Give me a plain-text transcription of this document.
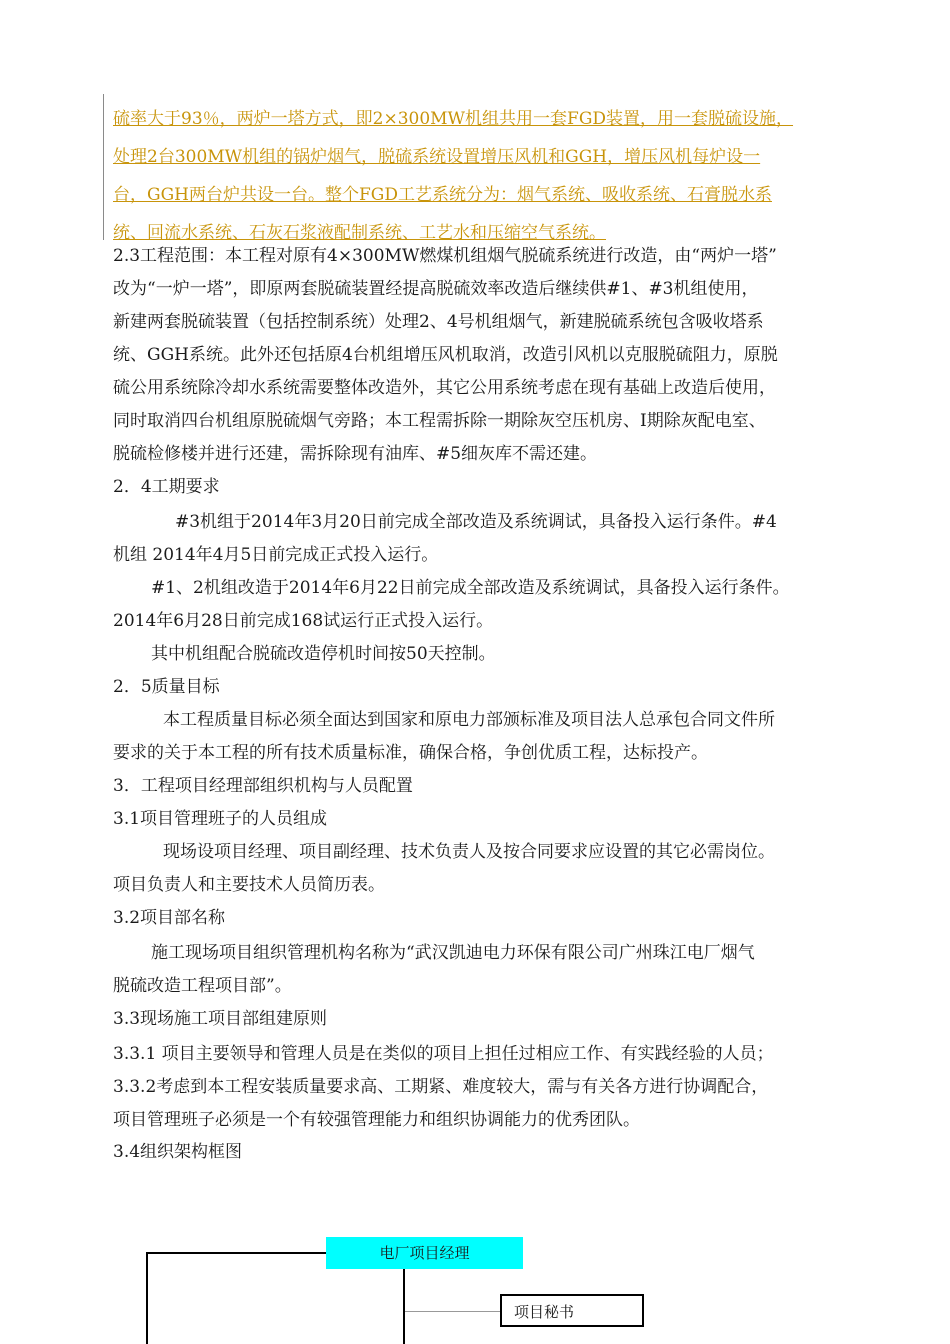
硫率大于93％，两炉一塔方式，即2×300MW机组共用一套FGD装置，用一套脱硫设施，
处理2台300MW机组的锅炉烟气，脱硫系统设置增压风机和GGH，增压风机每炉设一
台，GGH两台炉共设一台。整个FGD工艺系统分为：烟气系统、吸收系统、石膏脱水系
统、回流水系统、石灰石浆液配制系统、工艺水和压缩空气系统。
2.3工程范围：本工程对原有4×300MW燃煤机组烟气脱硫系统进行改造，由“两炉一塔”
改为“一炉一塔”，即原两套脱硫装置经提高脱硫效率改造后继续供#1、#3机组使用，
新建两套脱硫装置（包括控制系统）处理2、4号机组烟气，新建脱硫系统包含吸收塔系
统、GGH系统。此外还包括原4台机组增压风机取消，改造引风机以克服脱硫阻力，原脱
硫公用系统除冷却水系统需要整体改造外，其它公用系统考虑在现有基础上改造后使用，
同时取消四台机组原脱硫烟气旁路；本工程需拆除一期除灰空压机房、I期除灰配电室、
脱硫检修楼并进行还建，需拆除现有油库、#5细灰库不需还建。
2．4工期要求
#3机组于2014年3月20日前完成全部改造及系统调试，具备投入运行条件。#4
机组 2014年4月5日前完成正式投入运行。
#1、2机组改造于2014年6月22日前完成全部改造及系统调试，具备投入运行条件。
2014年6月28日前完成168试运行正式投入运行。
其中机组配合脱硫改造停机时间按50天控制。
2．5质量目标
本工程质量目标必须全面达到国家和原电力部颁标准及项目法人总承包合同文件所
要求的关于本工程的所有技术质量标准，确保合格，争创优质工程，达标投产。
3．工程项目经理部组织机构与人员配置
3.1项目管理班子的人员组成
现场设项目经理、项目副经理、技术负责人及按合同要求应设置的其它必需岗位。
项目负责人和主要技术人员简历表。
3.2项目部名称
施工现场项目组织管理机构名称为“武汉凯迪电力环保有限公司广州珠江电厂烟气
脱硫改造工程项目部”。
3.3现场施工项目部组建原则
3.3.1 项目主要领导和管理人员是在类似的项目上担任过相应工作、有实践经验的人员；
3.3.2考虑到本工程安装质量要求高、工期紧、难度较大，需与有关各方进行协调配合，
项目管理班子必须是一个有较强管理能力和组织协调能力的优秀团队。
3.4组织架构框图
电厂项目经理
项目秘书
